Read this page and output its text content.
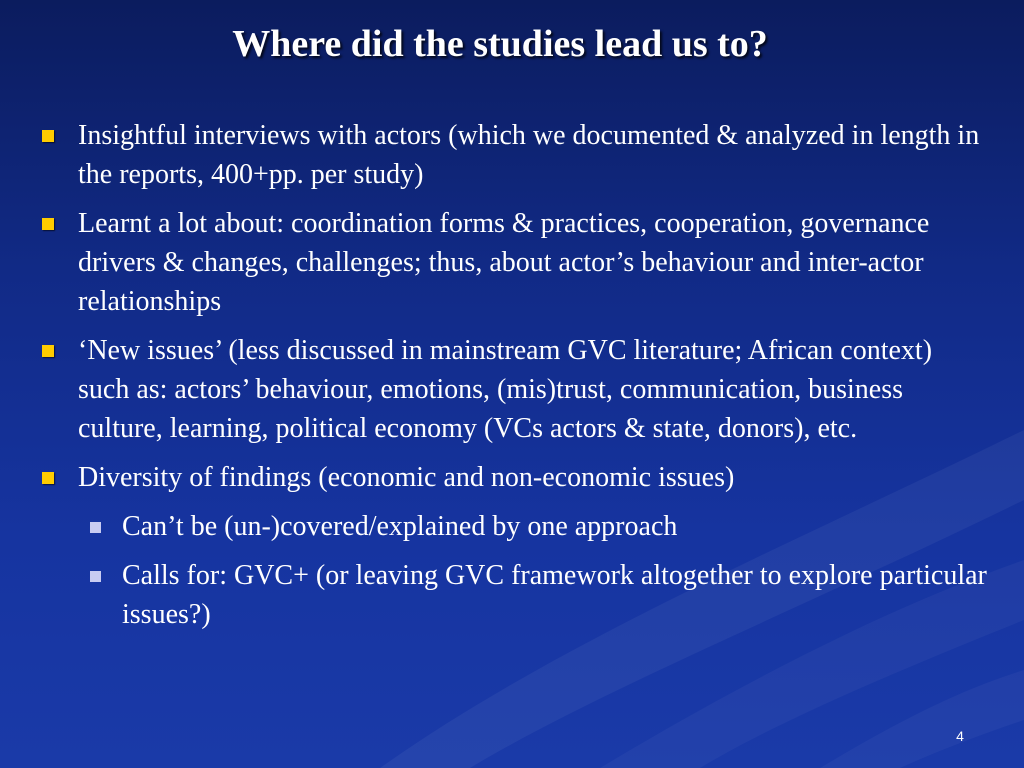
Where did the studies lead us to?
Insightful interviews with actors (which we documented & analyzed in length in the reports, 400+pp. per study)
Learnt a lot about: coordination forms & practices, cooperation, governance drivers & changes, challenges; thus, about actor’s behaviour and inter-actor relationships
‘New issues’ (less discussed in mainstream GVC literature; African context) such as: actors’ behaviour, emotions, (mis)trust, communication, business culture, learning, political economy (VCs actors & state, donors), etc.
Diversity of findings (economic and non-economic issues)
Can’t be (un-)covered/explained by one approach
Calls for: GVC+ (or leaving GVC framework altogether to explore particular issues?)
4
